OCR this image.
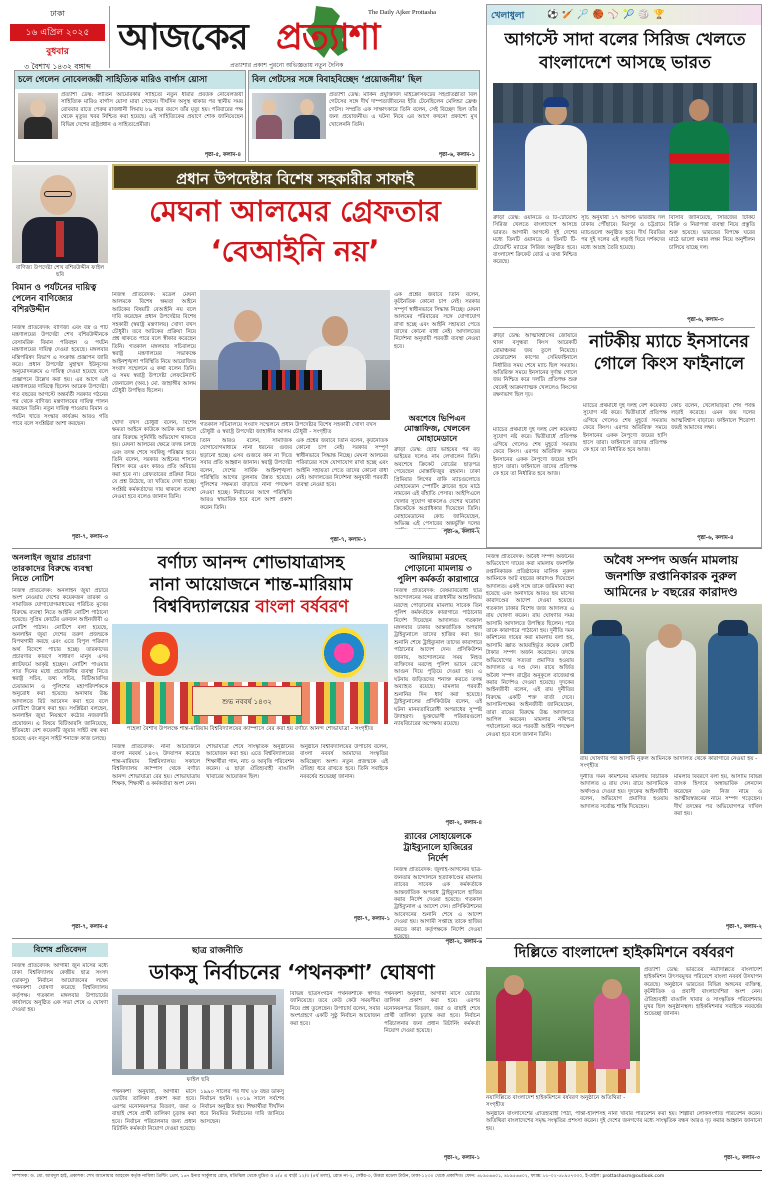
ঢাকা
১৬ এপ্রিল ২০২৫
বুধবার
৩ বৈশাখ ১৪৩২ বঙ্গাব্দ
আজকের প্রত্যাশা
The Daily Ajker Prottasha
প্রত্যাশার প্রকাশ পুরনো অভিজ্ঞতায় নতুন দৈনিক
চলে গেলেন নোবেলজয়ী সাহিত্যিক মারিও বার্গাস য়োসা
প্রত্যাশা ডেস্ক: লাতিন আমেরিকার সাহিত্যে নতুন ধারার প্রবর্তক নোবেলজয়ী সাহিত্যিক মারিও বার্গাস য়োসা মারা গেছেন। দীর্ঘদিন অসুস্থ থাকার পর স্থানীয় সময় রোববার রাতে পেরুর রাজধানী লিমায় ৮৯ বছর বয়সে তাঁর মৃত্যু হয়। পরিবারের পক্ষ থেকে মৃত্যুর খবর নিশ্চিত করা হয়েছে। এই সাহিত্যিকের প্রয়াণে শোক জানিয়েছেন বিভিন্ন দেশের রাষ্ট্রপ্রধান ও সাহিত্যপ্রেমীরা।
পৃষ্ঠা-৫, কলাম-৪
বিল গেটসের সঙ্গে বিবাহবিচ্ছেদ ‘প্রয়োজনীয়’ ছিল
প্রত্যাশা ডেস্ক: মার্কিন প্রযুক্তিবিদ মাইক্রোসফটের সহপ্রতিষ্ঠাতা বিল গেটসের সঙ্গে দীর্ঘ দাম্পত্যজীবনের ইতি টেনেছিলেন মেলিন্ডা ফ্রেঞ্চ গেটস। সম্প্রতি এক সাক্ষাৎকারে তিনি বলেন, সেই বিচ্ছেদ ছিল তাঁর জন্য প্রয়োজনীয়। এ ঘটনা নিয়ে এর আগে কখনো প্রকাশ্যে মুখ খোলেননি তিনি।
পৃষ্ঠা-৬, কলাম-১
বাণিজ্য উপদেষ্টা শেখ বশিরউদ্দীন ফাইল ছবি
বিমান ও পর্যটনের দায়িত্ব পেলেন বাণিজ্যের বশিরউদ্দীন
নিজস্ব প্রতিবেদক: বাণিজ্য এবং বস্ত্র ও পাট মন্ত্রণালয়ের উপদেষ্টা শেখ বশিরউদ্দীনকে বেসামরিক বিমান পরিবহন ও পর্যটন মন্ত্রণালয়ের দায়িত্ব দেওয়া হয়েছে। মঙ্গলবার মন্ত্রিপরিষদ বিভাগ এ সংক্রান্ত প্রজ্ঞাপন জারি করে। প্রধান উপদেষ্টা মুহাম্মদ ইউনূসের অনুমোদনক্রমে এ দায়িত্ব দেওয়া হয়েছে বলে প্রজ্ঞাপনে উল্লেখ করা হয়। এর আগে এই মন্ত্রণালয়ের দায়িত্বে ছিলেন আরেক উপদেষ্টা। গত বছরের আগস্টে অন্তর্বর্তী সরকার গঠনের পর থেকে বাণিজ্য মন্ত্রণালয়ের দায়িত্ব পালন করছেন তিনি। নতুন দায়িত্ব পাওয়ায় বিমান ও পর্যটন খাতে সংস্কার কার্যক্রম আরও গতি পাবে বলে সংশ্লিষ্টরা আশা করছেন।
পৃষ্ঠা-৭, কলাম-৩
প্রধান উপদেষ্টার বিশেষ সহকারীর সাফাই
মেঘনা আলমের গ্রেফতার
‘বেআইনি নয়’
নিজস্ব প্রতিবেদক: মডেল মেঘনা আলমকে বিশেষ ক্ষমতা আইনে আটকের বিষয়টি বেআইনি নয় বলে দাবি করেছেন প্রধান উপদেষ্টার বিশেষ সহকারী (স্বরাষ্ট্র মন্ত্রণালয়) খোদা বখস চৌধুরী। তবে আটকের প্রক্রিয়া নিয়ে প্রশ্ন থাকতে পারে বলে স্বীকার করেছেন তিনি। গতকাল মঙ্গলবার সচিবালয়ে স্বরাষ্ট্র মন্ত্রণালয়ের সভাকক্ষে আইনশৃঙ্খলা পরিস্থিতি নিয়ে আয়োজিত সংবাদ সম্মেলনে এ কথা বলেন তিনি। এ সময় স্বরাষ্ট্র উপদেষ্টা লেফটেন্যান্ট জেনারেল (অব.) মো. জাহাঙ্গীর আলম চৌধুরী উপস্থিত ছিলেন।
গতকাল সচিবালয়ে সংবাদ সম্মেলনে প্রধান উপদেষ্টার বিশেষ সহকারী খোদা বখস চৌধুরী ও স্বরাষ্ট্র উপদেষ্টা জাহাঙ্গীর আলম চৌধুরী - সংগৃহীত
খোদা বখস চৌধুরী বলেন, বিশেষ ক্ষমতা আইনে কাউকে আটক করা হলে তার বিরুদ্ধে সুনির্দিষ্ট অভিযোগ থাকতে হয়। মেঘনা আলমের ক্ষেত্রে তদন্ত চলছে এবং তদন্ত শেষে সবকিছু পরিষ্কার হবে। তিনি বলেন, সরকার আইনের শাসনে বিশ্বাস করে এবং কারও প্রতি অবিচার করা হবে না। গ্রেফতারের প্রক্রিয়া নিয়ে যে প্রশ্ন উঠেছে, তা খতিয়ে দেখা হচ্ছে। সংশ্লিষ্ট কর্মকর্তাদের দায় থাকলে ব্যবস্থা নেওয়া হবে বলেও জানান তিনি।
তিনি আরও বলেন, সামাজিক যোগাযোগমাধ্যমে নানা ধরনের গুজব ছড়ানো হচ্ছে। এসব গুজবে কান না দিতে সবার প্রতি আহ্বান জানান। স্বরাষ্ট্র উপদেষ্টা বলেন, দেশের সার্বিক আইনশৃঙ্খলা পরিস্থিতি আগের তুলনায় উন্নত হয়েছে। পুলিশের সক্ষমতা বাড়াতে নানা পদক্ষেপ নেওয়া হচ্ছে। নির্বাচনের আগে পরিস্থিতি আরও স্বাভাবিক হবে বলে আশা প্রকাশ করেন তিনি।
এক প্রশ্নের জবাবে তিনি বলেন, কূটনৈতিক কোনো চাপ নেই। সরকার সম্পূর্ণ স্বাধীনভাবে সিদ্ধান্ত নিচ্ছে। মেঘনা আলমের পরিবারের সঙ্গে যোগাযোগ রাখা হচ্ছে এবং আইনি সহায়তা পেতে তাদের কোনো বাধা নেই। আদালতের নির্দেশনা অনুযায়ী পরবর্তী ব্যবস্থা নেওয়া হবে।
পৃষ্ঠা-৭, কলাম-১
এক প্রশ্নের জবাবে তিনি বলেন, কূটনৈতিক কোনো চাপ নেই। সরকার সম্পূর্ণ স্বাধীনভাবে সিদ্ধান্ত নিচ্ছে। মেঘনা আলমের পরিবারের সঙ্গে যোগাযোগ রাখা হচ্ছে এবং আইনি সহায়তা পেতে তাদের কোনো বাধা নেই। আদালতের নির্দেশনা অনুযায়ী পরবর্তী ব্যবস্থা নেওয়া হবে।
অবশেষে ভিপিএন মোস্তাফিজ, খেলবেন মোহামেডানে
ক্রীড়া ডেস্ক: ছোট ভাইয়ের পর বড় ভাইয়ের দলেও নাম লেখালেন তিনি। অবশেষে ক্রিকেট বোর্ডের ছাড়পত্র পেয়েছেন মোস্তাফিজুর রহমান। ঢাকা প্রিমিয়ার লিগের বাকি ম্যাচগুলোতে মোহামেডান স্পোর্টিং ক্লাবের হয়ে মাঠে নামবেন এই বাঁহাতি পেসার। আইপিএলে খেলার সুযোগ থাকলেও দেশের ঘরোয়া ক্রিকেটকে অগ্রাধিকার দিয়েছেন তিনি। মোহামেডানের কোচ জানিয়েছেন, অভিজ্ঞ এই পেসারের অন্তর্ভুক্তি দলের
পৃষ্ঠা-৬, কলাম-২
খেলাধুলা	⚽🏏🏸🏀⚾🎾🏐🏆
আগস্টে সাদা বলের সিরিজ খেলতে বাংলাদেশে আসছে ভারত
ক্রীড়া ডেস্ক: ওয়ানডে ও টি-টোয়েন্টি সিরিজ খেলতে বাংলাদেশে আসছে ভারত। আগামী আগস্টে দুই দেশের মধ্যে তিনটি ওয়ানডে ও তিনটি টি-টোয়েন্টি ম্যাচের সিরিজ অনুষ্ঠিত হবে। বাংলাদেশ ক্রিকেট বোর্ড এ তথ্য নিশ্চিত করেছে।
সূচি অনুযায়ী ১৭ আগস্ট ভারতীয় দল ঢাকায় পৌঁছাবে। মিরপুর ও চট্টগ্রামে ম্যাচগুলো অনুষ্ঠিত হবে। দীর্ঘ বিরতির পর দুই দলের এই লড়াই ঘিরে দর্শকদের মধ্যে আগ্রহ তৈরি হয়েছে।
বিসিবি জানিয়েছে, সিরিজের টিকিট বিক্রি ও নিরাপত্তা ব্যবস্থা নিয়ে প্রস্তুতি শুরু হয়েছে। ভারতের বিপক্ষে ঘরের মাঠে ভালো করার লক্ষ্য নিয়ে অনুশীলন চালিয়ে যাচ্ছে দল।
পৃষ্ঠা-৬, কলাম-৩
ক্রীড়া ডেস্ক: আত্মবিশ্বাসের জোয়ারে থাকা বসুন্ধরা কিংস আরেকটি রোমাঞ্চকর জয় তুলে নিয়েছে। ফেডারেশন কাপের সেমিফাইনালে নির্ধারিত সময় শেষে ম্যাচ ছিল সমতায়। অতিরিক্ত সময়ে ইনসানের দুর্দান্ত গোলে জয় নিশ্চিত করে দলটি। প্রতিপক্ষ শুরু থেকেই আক্রমণাত্মক খেললেও কিংসের রক্ষণভাগ ছিল দৃঢ়।
নাটকীয় ম্যাচে ইনসানের গোলে কিংস ফাইনালে
ম্যাচের প্রথমার্ধে দুই দলই বেশ কয়েকটি সুযোগ নষ্ট করে। দ্বিতীয়ার্ধে প্রতিপক্ষ এগিয়ে গেলেও শেষ মুহূর্তে সমতায় ফেরে কিংস। এরপর অতিরিক্ত সময়ে ইনসানের একক নৈপুণ্যে জয়ের হাসি হাসে তারা। ফাইনালে তাদের প্রতিপক্ষ কে হবে তা নির্ধারিত হবে আজ।
ম্যাচের প্রথমার্ধে দুই দলই বেশ কয়েকটি সুযোগ নষ্ট করে। দ্বিতীয়ার্ধে প্রতিপক্ষ এগিয়ে গেলেও শেষ মুহূর্তে সমতায় ফেরে কিংস। এরপর অতিরিক্ত সময়ে ইনসানের একক নৈপুণ্যে জয়ের হাসি হাসে তারা। ফাইনালে তাদের প্রতিপক্ষ কে হবে তা নির্ধারিত হবে আজ।
কোচ বলেন, খেলোয়াড়রা শেষ পর্যন্ত লড়াই করেছে। এমন জয় দলের আত্মবিশ্বাস বাড়াবে। ফাইনালে শিরোপা জয়ই আমাদের লক্ষ্য।
পৃষ্ঠা-৬, কলাম-৪
অনলাইন জুয়ার প্রচারণা তারকাদের বিরুদ্ধে ব্যবস্থা নিতে নোটিশ
নিজস্ব প্রতিবেদক: অনলাইন জুয়া প্রচারে অংশ নেওয়ায় দেশের কয়েকজন তারকা ও সামাজিক যোগাযোগমাধ্যমের পরিচিত মুখের বিরুদ্ধে ব্যবস্থা নিতে আইনি নোটিশ পাঠানো হয়েছে। সুপ্রিম কোর্টের একজন আইনজীবী এ নোটিশ পাঠান। নোটিশে বলা হয়েছে, অনলাইন জুয়া দেশের তরুণ প্রজন্মকে বিপথগামী করছে এবং এতে বিপুল পরিমাণ অর্থ বিদেশে পাচার হচ্ছে। তারকাদের প্রচারণার কারণে সাধারণ মানুষ এসব প্ল্যাটফর্মে আকৃষ্ট হচ্ছেন। নোটিশ পাওয়ার সাত দিনের মধ্যে প্রয়োজনীয় ব্যবস্থা নিতে স্বরাষ্ট্র সচিব, তথ্য সচিব, বিটিআরসির চেয়ারম্যান ও পুলিশের মহাপরিদর্শককে অনুরোধ করা হয়েছে। অন্যথায় উচ্চ আদালতে রিট আবেদন করা হবে বলে নোটিশে উল্লেখ করা হয়। সংশ্লিষ্টরা বলছেন, অনলাইন জুয়া নিয়ন্ত্রণে কঠোর নজরদারি প্রয়োজন। এ বিষয়ে বিটিআরসি জানিয়েছে, ইতিমধ্যে বেশ কয়েকটি জুয়ার সাইট বন্ধ করা হয়েছে এবং নতুন সাইট শনাক্তে কাজ চলছে।
পৃষ্ঠা-৭, কলাম-৫
বর্ণাঢ্য আনন্দ শোভাযাত্রাসহ
নানা আয়োজনে শান্ত-মারিয়াম
বিশ্ববিদ্যালয়ের বাংলা বর্ষবরণ
শুভ নববর্ষ ১৪৩২
পহেলা বৈশাখ উপলক্ষে শান্ত-মারিয়াম বিশ্ববিদ্যালয়ের ক্যাম্পাসে বের করা হয় বর্ণাঢ্য আনন্দ শোভাযাত্রা - সংগৃহীত
নিজস্ব প্রতিবেদক: নানা আয়োজনে বাংলা নববর্ষ ১৪৩২ উদযাপন করেছে শান্ত-মারিয়াম বিশ্ববিদ্যালয়। সকালে বিশ্ববিদ্যালয় ক্যাম্পাস থেকে বর্ণাঢ্য আনন্দ শোভাযাত্রা বের হয়। শোভাযাত্রায় শিক্ষক, শিক্ষার্থী ও কর্মকর্তারা অংশ নেন।
শোভাযাত্রা শেষে সাংস্কৃতিক অনুষ্ঠানের আয়োজন করা হয়। এতে বিশ্ববিদ্যালয়ের শিক্ষার্থীরা গান, নাচ ও আবৃত্তি পরিবেশন করেন। এ ছাড়া ঐতিহ্যবাহী বাঙালি খাবারের আয়োজন ছিল।
অনুষ্ঠানে বিশ্ববিদ্যালয়ের উপাচার্য বলেন, বাংলা নববর্ষ আমাদের সংস্কৃতির অবিচ্ছেদ্য অংশ। নতুন প্রজন্মকে এই ঐতিহ্য ধরে রাখতে হবে। তিনি সবাইকে নববর্ষের শুভেচ্ছা জানান।
পৃষ্ঠা-৭, কলাম-১
আলিয়ামা মরদেহ পোড়ানো মামলায় ৩ পুলিশ কর্মকর্তা কারাগারে
নিজস্ব প্রতিবেদক: বৈষম্যবিরোধী ছাত্র আন্দোলনের সময় রাজধানীর আশুলিয়ায় মরদেহ পোড়ানোর মামলায় সাবেক তিন পুলিশ কর্মকর্তাকে কারাগারে পাঠানোর নির্দেশ দিয়েছেন আদালত। গতকাল মঙ্গলবার ঢাকার আন্তর্জাতিক অপরাধ ট্রাইব্যুনালে তাদের হাজির করা হয়। শুনানি শেষে ট্রাইব্যুনাল তাদের কারাগারে পাঠানোর আদেশ দেন। প্রসিকিউশন জানায়, আন্দোলনের সময় নিহত ব্যক্তিদের মরদেহ পুলিশ ভ্যানে রেখে আগুন দিয়ে পুড়িয়ে দেওয়া হয়। এ ঘটনায় জড়িতদের শনাক্ত করতে তদন্ত অব্যাহত রয়েছে। মামলার পরবর্তী শুনানির দিন ধার্য করা হয়েছে। ট্রাইব্যুনালের প্রসিকিউটর বলেন, এই ঘটনা মানবতাবিরোধী অপরাধের সুস্পষ্ট উদাহরণ। ভুক্তভোগী পরিবারগুলো ন্যায়বিচারের অপেক্ষায় রয়েছে।
পৃষ্ঠা-২, কলাম-৪
র‍্যাবের সোহায়েলকে ট্রাইব্যুনালে হাজিরের নির্দেশ
নিজস্ব প্রতিবেদক: জুলাই-আগস্টের ছাত্র-জনতার আন্দোলনে হত্যাকাণ্ডের মামলায় র‍্যাবের সাবেক এক কর্মকর্তাকে আন্তর্জাতিক অপরাধ ট্রাইব্যুনালে হাজির করার নির্দেশ দেওয়া হয়েছে। গতকাল ট্রাইব্যুনাল এ আদেশ দেন। প্রসিকিউশনের আবেদনের শুনানি শেষে এ আদেশ দেওয়া হয়। আগামী সপ্তাহে তাকে হাজির করতে কারা কর্তৃপক্ষকে নির্দেশ দেওয়া হয়েছে।
পৃষ্ঠা-২, কলাম-৬
নিজস্ব প্রতিবেদক: অবৈধ সম্পদ অর্জনের অভিযোগে দায়ের করা মামলায় জনশক্তি রপ্তানিকারক প্রতিষ্ঠানের মালিক নুরুল আমিনকে আট বছরের কারাদণ্ড দিয়েছেন আদালত। একই সঙ্গে তাকে জরিমানা করা হয়েছে এবং অনাদায়ে আরও ছয় মাসের কারাদণ্ডের আদেশ দেওয়া হয়েছে। গতকাল ঢাকার বিশেষ জজ আদালত এ রায় ঘোষণা করেন। রায় ঘোষণার সময় আসামি আদালতে উপস্থিত ছিলেন। পরে তাকে কারাগারে পাঠানো হয়। দুর্নীতি দমন কমিশনের দায়ের করা মামলায় বলা হয়, আসামি জ্ঞাত আয়বহির্ভূত কয়েক কোটি টাকার সম্পদ অর্জন করেছেন। তদন্তে অভিযোগের সত্যতা প্রমাণিত হওয়ায় আদালত এ দণ্ড দেন। রায়ে অর্জিত অবৈধ সম্পদ রাষ্ট্রের অনুকূলে বাজেয়াপ্ত করার নির্দেশও দেওয়া হয়েছে। দুদকের আইনজীবী বলেন, এই রায় দুর্নীতির বিরুদ্ধে একটি শক্ত বার্তা দেবে। আসামিপক্ষের আইনজীবী জানিয়েছেন, তারা রায়ের বিরুদ্ধে উচ্চ আদালতে আপিল করবেন। মামলার নথিপত্র পর্যালোচনা করে পরবর্তী আইনি পদক্ষেপ নেওয়া হবে বলে জানান তিনি।
অবৈধ সম্পদ অর্জন মামলায়
জনশক্তি রপ্তানিকারক নুরুল
আমিনের ৮ বছরের কারাদণ্ড
রায় ঘোষণার পর আসামি নুরুল আমিনকে আদালত থেকে কারাগারে নেওয়া হয় - সংগৃহীত
দুর্নীতি দমন কমিশনের মামলায় বিচারিক আদালত এ রায় দেন। রায়ে আসামিকে অর্থদণ্ডও দেওয়া হয়। দুদকের আইনজীবী বলেন, অভিযোগ প্রমাণিত হওয়ায় আদালত সর্বোচ্চ শাস্তি দিয়েছেন।
মামলার বিবরণে বলা হয়, আসামি বিভিন্ন ব্যাংক হিসাবে অস্বাভাবিক লেনদেন করেছেন এবং নিজ নামে ও আত্মীয়স্বজনের নামে সম্পদ গড়েছেন। দীর্ঘ তদন্তের পর অভিযোগপত্র দাখিল করা হয়।
পৃষ্ঠা-৭, কলাম-২
বিশেষ প্রতিবেদন	ছাত্র রাজনীতি
ডাকসু নির্বাচনের ‘পথনকশা’ ঘোষণা
নিজস্ব প্রতিবেদক: আগামী জুন মাসের মধ্যে ঢাকা বিশ্ববিদ্যালয় কেন্দ্রীয় ছাত্র সংসদ (ডাকসু) নির্বাচন আয়োজনের লক্ষ্যে পথনকশা ঘোষণা করেছে বিশ্ববিদ্যালয় কর্তৃপক্ষ। গতকাল মঙ্গলবার উপাচার্যের কার্যালয়ে অনুষ্ঠিত এক সভা শেষে এ ঘোষণা দেওয়া হয়।
ফাইল ছবি
পথনকশা অনুযায়ী, আগামী মাসে ভোটার তালিকা প্রকাশ করা হবে। এরপর মনোনয়নপত্র বিতরণ, জমা ও বাছাই শেষে প্রার্থী তালিকা চূড়ান্ত করা হবে। নির্বাচন পরিচালনার জন্য প্রধান রিটার্নিং কর্মকর্তা নিয়োগ দেওয়া হয়েছে।
১৯৯০ সালের পর দীর্ঘ ২৮ বছর ডাকসু নির্বাচন হয়নি। ২০১৯ সালে সর্বশেষ নির্বাচন অনুষ্ঠিত হয়। শিক্ষার্থীরা দীর্ঘদিন ধরে নিয়মিত নির্বাচনের দাবি জানিয়ে আসছেন।
বিভিন্ন ছাত্রসংগঠন পথনকশাকে স্বাগত জানিয়েছে। তবে কেউ কেউ সময়সীমা নিয়ে প্রশ্ন তুলেছেন। উপাচার্য বলেন, সবার অংশগ্রহণে একটি সুষ্ঠু নির্বাচন আয়োজন করা হবে।
পথনকশা অনুযায়ী, আগামী মাসে ভোটার তালিকা প্রকাশ করা হবে। এরপর মনোনয়নপত্র বিতরণ, জমা ও বাছাই শেষে প্রার্থী তালিকা চূড়ান্ত করা হবে। নির্বাচন পরিচালনার জন্য প্রধান রিটার্নিং কর্মকর্তা নিয়োগ দেওয়া হয়েছে।
পৃষ্ঠা-২, কলাম-১
দিল্লিতে বাংলাদেশ হাইকমিশনে বর্ষবরণ
নয়াদিল্লিতে বাংলাদেশ হাইকমিশনে বর্ষবরণ অনুষ্ঠানে অতিথিরা - সংগৃহীত
প্রত্যাশা ডেস্ক: ভারতের নয়াদিল্লিতে বাংলাদেশ হাইকমিশন উৎসবমুখর পরিবেশে বাংলা নববর্ষ উদযাপন করেছে। অনুষ্ঠানে ভারতের বিভিন্ন অঙ্গনের ব্যক্তিত্ব, কূটনীতিক ও প্রবাসী বাংলাদেশিরা অংশ নেন। ঐতিহ্যবাহী বাঙালি খাবার ও সাংস্কৃতিক পরিবেশনায় মুখর ছিল অনুষ্ঠানস্থল। হাইকমিশনার সবাইকে নববর্ষের শুভেচ্ছা জানান।
অনুষ্ঠানে বাংলাদেশের ঐতিহ্যবাহী পিঠা, পান্তা-ইলিশসহ নানা খাবার পরিবেশন করা হয়। শিল্পীরা লোকসংগীত পরিবেশন করেন। অতিথিরা বাংলাদেশের সমৃদ্ধ সংস্কৃতির প্রশংসা করেন। দুই দেশের জনগণের মধ্যে সাংস্কৃতিক বন্ধন আরও দৃঢ় করার আহ্বান জানানো হয়।
পৃষ্ঠা-২, কলাম-৩
সম্পাদক: ড. মো. আবদুল হাই, প্রকাশক: শেখ আনোয়ার আহমেদ কর্তৃক নাবিলা প্রিন্টিং প্রেস, ১৬৭ ইনার সার্কুলার রোড, মতিঝিল থেকে মুদ্রিত ও ৫/৫ এ বাড়ী ১২/৩ (৪র্থ তলা), রোড নং-২, সেক্টর-৩, উত্তরা মডেল টাউন, ঢাকা-১২৩০ থেকে প্রকাশিত। ফোন: ৪৮৯৫৬৬০১, ৪৮৯৫৬৬০২, ফ্যাক্স: ৮৮-০২-৫৮৯৫৭৩৩০, ই-মেইল: prottashasm@outlook.com
